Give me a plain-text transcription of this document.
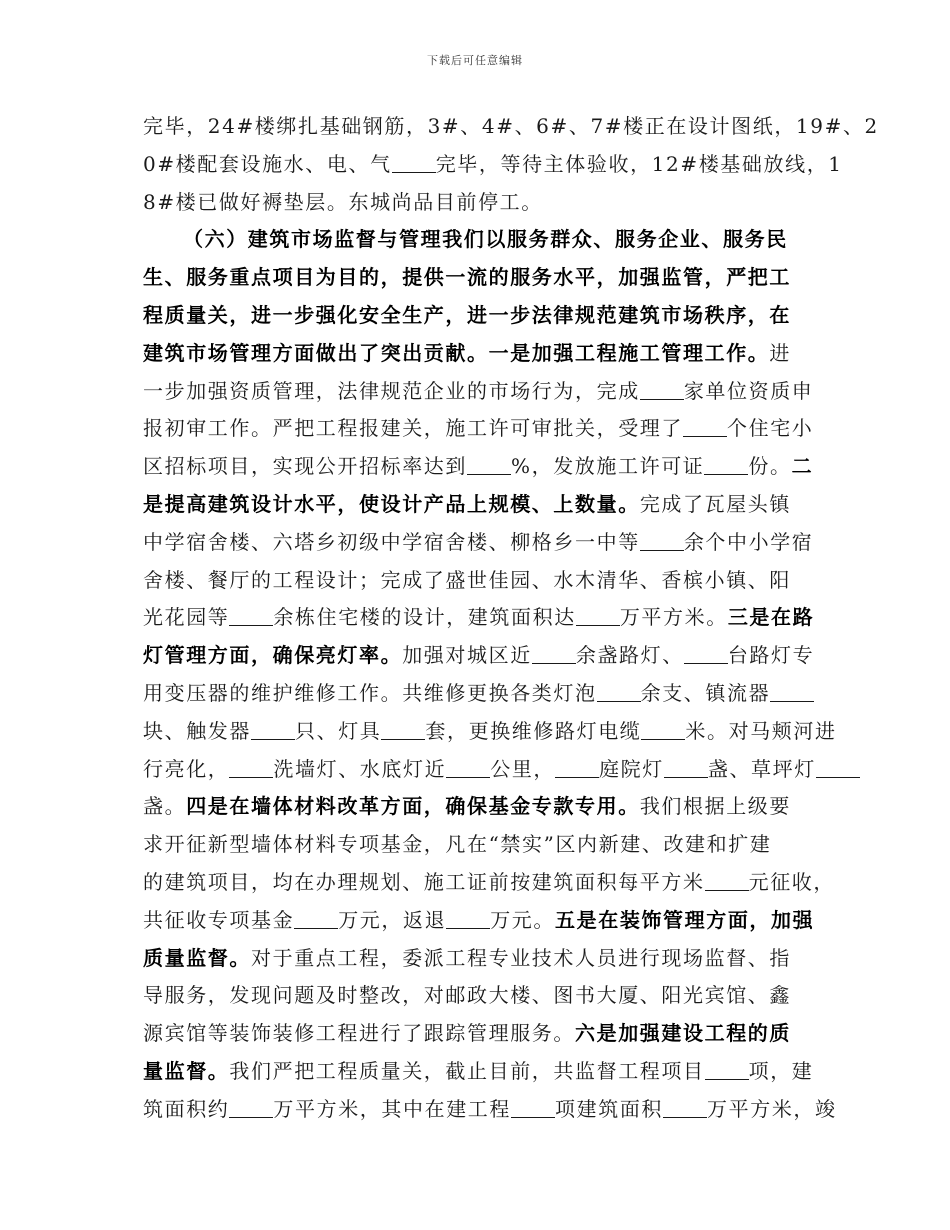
下载后可任意编辑
完毕，24#楼绑扎基础钢筋，3#、4#、6#、7#楼正在设计图纸，19#、2
0#楼配套设施水、电、气 完毕，等待主体验收，12#楼基础放线，1
8#楼已做好褥垫层。东城尚品目前停工。
（六）建筑市场监督与管理我们以服务群众、服务企业、服务民
生、服务重点项目为目的，提供一流的服务水平，加强监管，严把工
程质量关，进一步强化安全生产，进一步法律规范建筑市场秩序，在
建筑市场管理方面做出了突出贡献。一是加强工程施工管理工作。进
一步加强资质管理，法律规范企业的市场行为，完成 家单位资质申
报初审工作。严把工程报建关，施工许可审批关，受理了 个住宅小
区招标项目，实现公开招标率达到 %，发放施工许可证 份。二
是提高建筑设计水平，使设计产品上规模、上数量。完成了瓦屋头镇
中学宿舍楼、六塔乡初级中学宿舍楼、柳格乡一中等 余个中小学宿
舍楼、餐厅的工程设计；完成了盛世佳园、水木清华、香槟小镇、阳
光花园等 余栋住宅楼的设计，建筑面积达 万平方米。三是在路
灯管理方面，确保亮灯率。加强对城区近 余盏路灯、 台路灯专
用变压器的维护维修工作。共维修更换各类灯泡 余支、镇流器
块、触发器 只、灯具 套，更换维修路灯电缆 米。对马颊河进
行亮化， 洗墙灯、水底灯近 公里， 庭院灯 盏、草坪灯
盏。四是在墙体材料改革方面，确保基金专款专用。我们根据上级要
求开征新型墙体材料专项基金，凡在“禁实”区内新建、改建和扩建
的建筑项目，均在办理规划、施工证前按建筑面积每平方米 元征收，
共征收专项基金 万元，返退 万元。五是在装饰管理方面，加强
质量监督。对于重点工程，委派工程专业技术人员进行现场监督、指
导服务，发现问题及时整改，对邮政大楼、图书大厦、阳光宾馆、鑫
源宾馆等装饰装修工程进行了跟踪管理服务。六是加强建设工程的质
量监督。我们严把工程质量关，截止目前，共监督工程项目 项，建
筑面积约 万平方米，其中在建工程 项建筑面积 万平方米，竣
